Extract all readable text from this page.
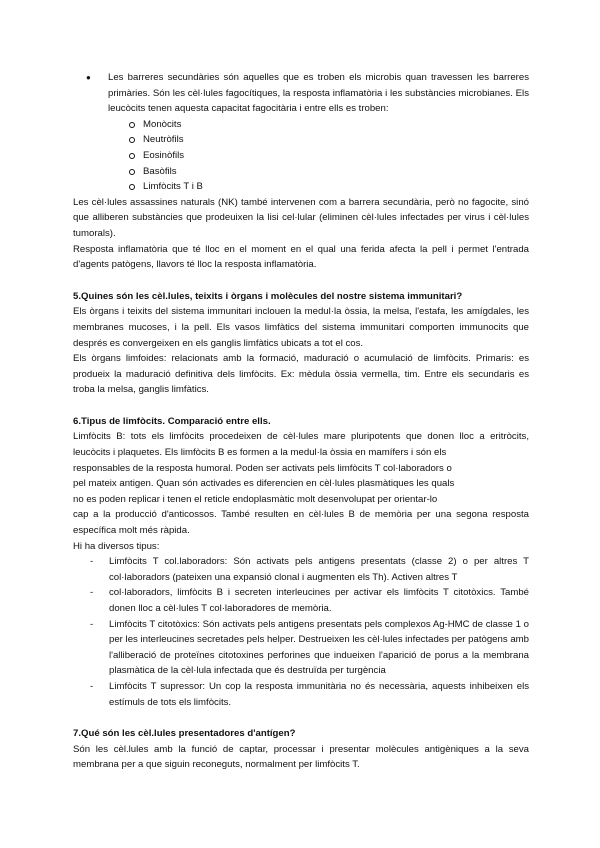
● Les barreres secundàries són aquelles que es troben els microbis quan travessen les barreres primàries. Són les cèl·lules fagocítiques, la resposta inflamatòria i les substàncies microbianes. Els leucòcits tenen aquesta capacitat fagocitària i entre ells es troben:
Monòcits
Neutròfils
Eosinòfils
Basòfils
Limfòcits T i B

Les cèl·lules assassines naturals (NK) també intervenen com a barrera secundària, però no fagocite, sinó que alliberen substàncies que prodeuixen la lisi cel·lular (eliminen cèl·lules infectades per virus i cèl·lules tumorals).

Resposta inflamatòria que té lloc en el moment en el qual una ferida afecta la pell i permet l'entrada d'agents patògens, llavors té lloc la resposta inflamatòria.

5.Quines són les cèl.lules, teixits i òrgans i molècules del nostre sistema immunitari?

Els òrgans i teixits del sistema immunitari inclouen la medul·la òssia, la melsa, l'estafa, les amígdales, les membranes mucoses, i la pell. Els vasos limfàtics del sistema immunitari comporten immunocits que després es convergeixen en els ganglis limfàtics ubicats a tot el cos.

Els òrgans limfoides: relacionats amb la formació, maduració o acumulació de limfòcits. Primaris: es produeix la maduració definitiva dels limfòcits. Ex: mèdula òssia vermella, tim. Entre els secundaris es troba la melsa, ganglis limfàtics.

6.Tipus de limfòcits. Comparació entre ells.

Limfòcits B: tots els limfòcits procedeixen de cèl·lules mare pluripotents que donen lloc a eritròcits,

leucòcits i plaquetes. Els limfòcits B es formen a la medul·la òssia en mamífers i són els

responsables de la resposta humoral. Poden ser activats pels limfòcits T col·laboradors o

pel mateix antigen. Quan són activades es diferencien en cèl·lules plasmàtiques les quals

no es poden replicar i tenen el reticle endoplasmàtic molt desenvolupat per orientar-lo

cap a la producció d'anticossos. També resulten en cèl·lules B de memòria per una segona resposta específica molt més ràpida.

Hi ha diversos tipus:

- Limfòcits T col.laboradors: Són activats pels antigens presentats (classe 2) o per altres T col·laboradors (pateixen una expansió clonal i augmenten els Th). Activen altres T
- col·laboradors, limfòcits B i secreten interleucines per activar els limfòcits T citotòxics. També donen lloc a cèl·lules T col·laboradores de memòria.
- Limfòcits T citotòxics: Són activats pels antigens presentats pels complexos Ag-HMC de classe 1 o per les interleucines secretades pels helper. Destrueixen les cèl·lules infectades per patògens amb l'alliberació de proteïnes citotoxines perforines que indueixen l'aparició de porus a la membrana plasmàtica de la cèl·lula infectada que és destruïda per turgència
- Limfòcits T supressor: Un cop la resposta immunitària no és necessària, aquests inhibeixen els estímuls de tots els limfòcits.

7.Qué són les cèl.lules presentadores d'antígen?

Són les cèl.lules amb la funció de captar, processar i presentar molècules antigèniques a la seva membrana per a que siguin reconeguts, normalment per limfòcits T.
